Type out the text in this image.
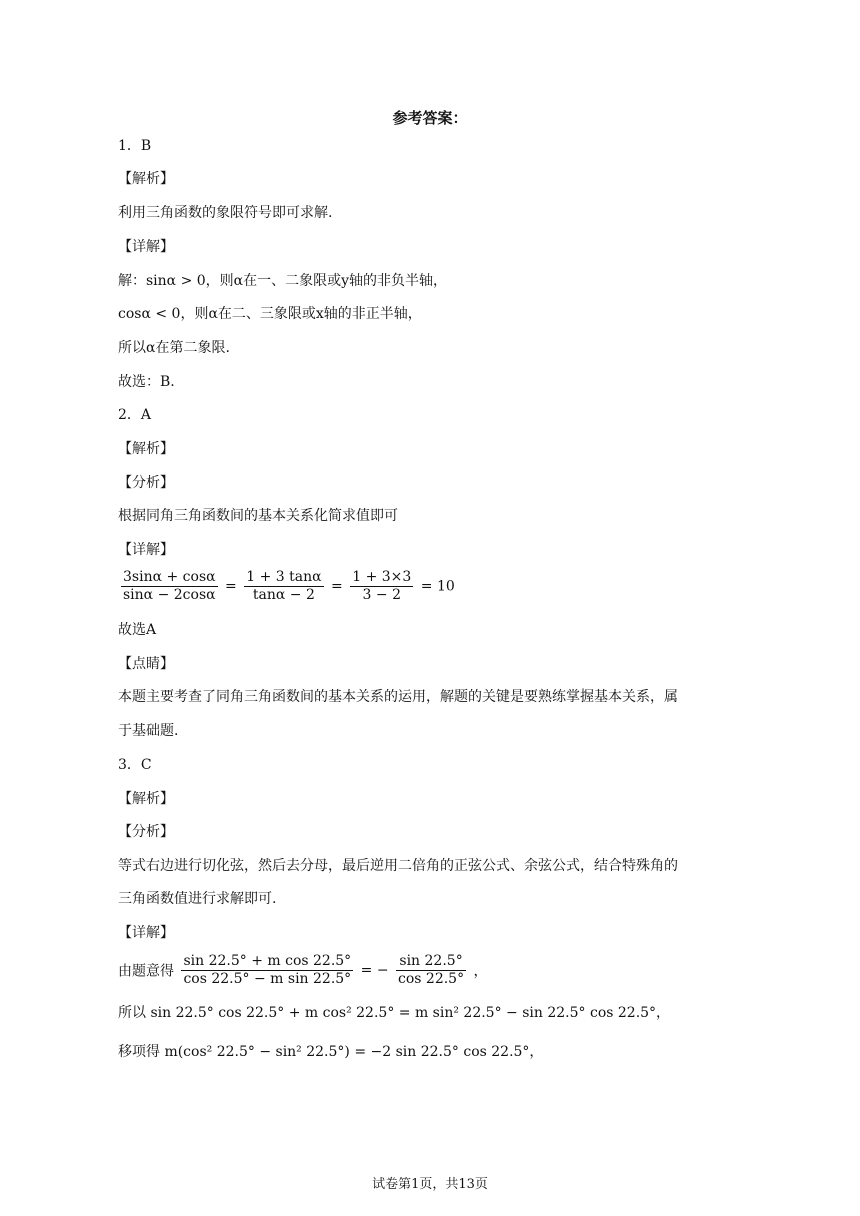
参考答案：
1．B
【解析】
利用三角函数的象限符号即可求解.
【详解】
解：sinα > 0，则α在一、二象限或y轴的非负半轴，
cosα < 0，则α在二、三象限或x轴的非正半轴，
所以α在第二象限.
故选：B.
2．A
【解析】
【分析】
根据同角三角函数间的基本关系化简求值即可
【详解】
$\frac{3\sin\alpha + \cos\alpha}{\sin\alpha - 2\cos\alpha} = \frac{1 + 3 \tan\alpha}{\tan\alpha - 2} = \frac{1 + 3\times 3}{3 - 2} = 10$
故选A
【点睛】
本题主要考查了同角三角函数间的基本关系的运用，解题的关键是要熟练掌握基本关系，属
于基础题.
3．C
【解析】
【分析】
等式右边进行切化弦，然后去分母，最后逆用二倍角的正弦公式、余弦公式，结合特殊角的
三角函数值进行求解即可.
【详解】
由题意得 $\frac{\text{sin 22.5° + m cos 22.5°}}{\text{cos 22.5° − m sin 22.5°}}$ = − $\frac{\sin 22.5^\circ}{\cos 22.5^\circ}$ ，
所以 sin 22.5° cos 22.5° + m cos² 22.5° = m sin² 22.5° − sin 22.5° cos 22.5°，
移项得 m(cos² 22.5° − sin² 22.5°) = −2 sin 22.5° cos 22.5°，
试卷第1页，共13页
